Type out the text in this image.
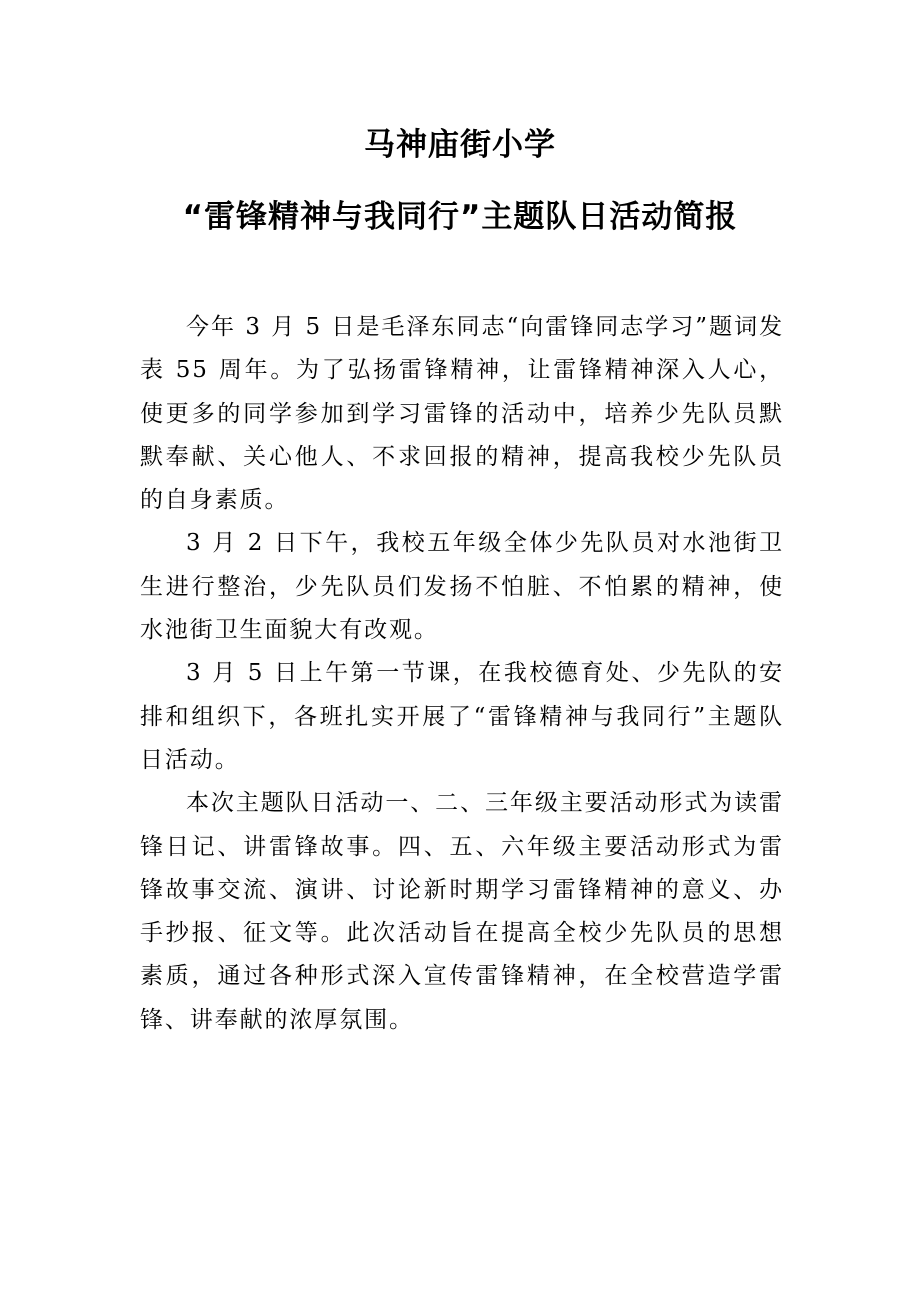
马神庙街小学
“雷锋精神与我同行”主题队日活动简报

今年 3 月 5 日是毛泽东同志“向雷锋同志学习”题词发表 55 周年。为了弘扬雷锋精神，让雷锋精神深入人心，使更多的同学参加到学习雷锋的活动中，培养少先队员默默奉献、关心他人、不求回报的精神，提高我校少先队员的自身素质。

3 月 2 日下午，我校五年级全体少先队员对水池街卫生进行整治，少先队员们发扬不怕脏、不怕累的精神，使水池街卫生面貌大有改观。

3 月 5 日上午第一节课，在我校德育处、少先队的安排和组织下，各班扎实开展了“雷锋精神与我同行”主题队日活动。

本次主题队日活动一、二、三年级主要活动形式为读雷锋日记、讲雷锋故事。四、五、六年级主要活动形式为雷锋故事交流、演讲、讨论新时期学习雷锋精神的意义、办手抄报、征文等。此次活动旨在提高全校少先队员的思想素质，通过各种形式深入宣传雷锋精神，在全校营造学雷锋、讲奉献的浓厚氛围。
